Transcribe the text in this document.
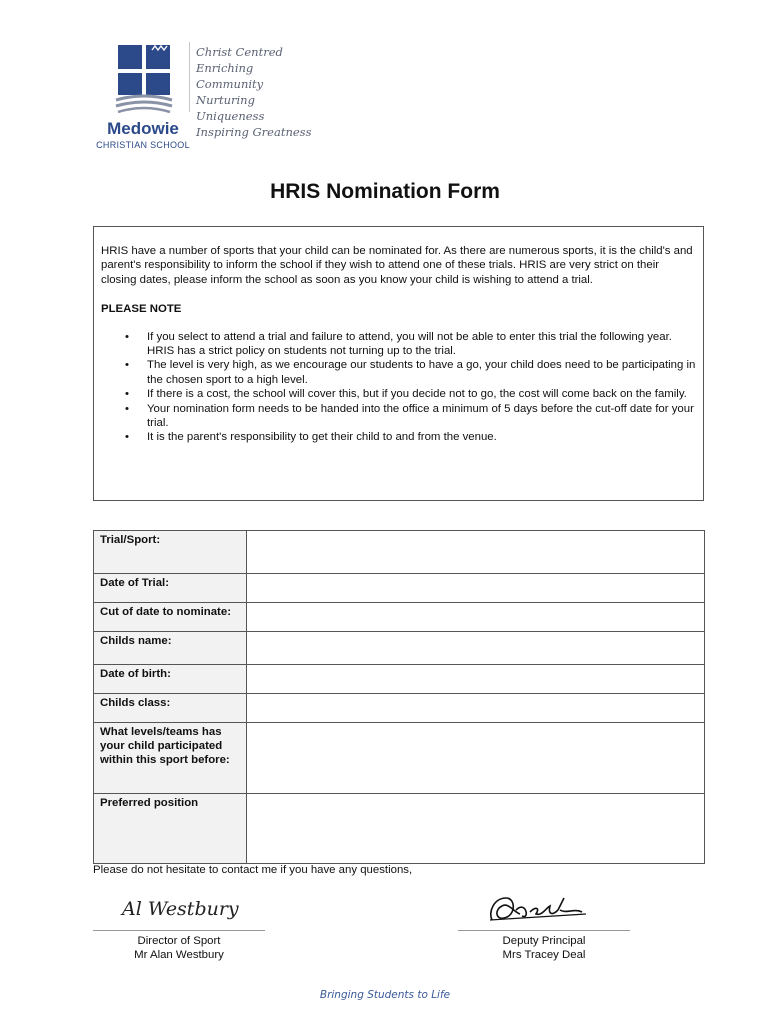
Christ Centred
Enriching Community
Nurturing Uniqueness
Inspiring Greatness
Medowie
CHRISTIAN SCHOOL
HRIS Nomination Form
HRIS have a number of sports that your child can be nominated for. As there are numerous sports, it is the child's and parent's responsibility to inform the school if they wish to attend one of these trials. HRIS are very strict on their closing dates, please inform the school as soon as you know your child is wishing to attend a trial.
PLEASE NOTE
• If you select to attend a trial and failure to attend, you will not be able to enter this trial the following year. HRIS has a strict policy on students not turning up to the trial.
• The level is very high, as we encourage our students to have a go, your child does need to be participating in the chosen sport to a high level.
• If there is a cost, the school will cover this, but if you decide not to go, the cost will come back on the family.
• Your nomination form needs to be handed into the office a minimum of 5 days before the cut-off date for your trial.
• It is the parent's responsibility to get their child to and from the venue.
Trial/Sport:	
Date of Trial:	
Cut of date to nominate:	
Childs name:	
Date of birth:	
Childs class:	
What levels/teams has your child participated within this sport before:	
Preferred position	
Please do not hesitate to contact me if you have any questions,
Al Westbury
Director of Sport
Mr Alan Westbury
Deputy Principal
Mrs Tracey Deal
Bringing Students to Life
